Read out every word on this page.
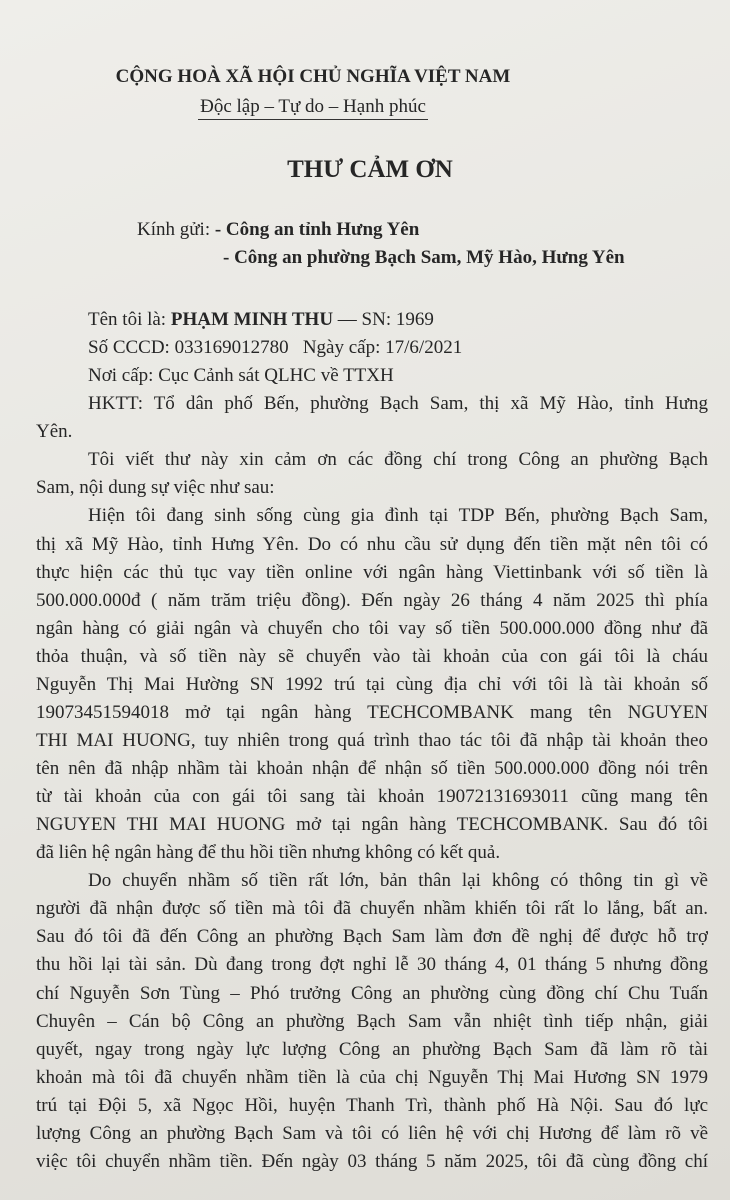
CỘNG HOÀ XÃ HỘI CHỦ NGHĨA VIỆT NAM
Độc lập – Tự do – Hạnh phúc
THƯ CẢM ƠN
Kính gửi: - Công an tỉnh Hưng Yên
- Công an phường Bạch Sam, Mỹ Hào, Hưng Yên
Tên tôi là: PHẠM MINH THU — SN: 1969
Số CCCD: 033169012780   Ngày cấp: 17/6/2021
Nơi cấp: Cục Cảnh sát QLHC về TTXH
HKTT: Tổ dân phố Bến, phường Bạch Sam, thị xã Mỹ Hào, tỉnh Hưng
Yên.
Tôi viết thư này xin cảm ơn các đồng chí trong Công an phường Bạch
Sam, nội dung sự việc như sau:
Hiện tôi đang sinh sống cùng gia đình tại TDP Bến, phường Bạch Sam,
thị xã Mỹ Hào, tỉnh Hưng Yên. Do có nhu cầu sử dụng đến tiền mặt nên tôi có
thực hiện các thủ tục vay tiền online với ngân hàng Viettinbank với số tiền là
500.000.000đ ( năm trăm triệu đồng). Đến ngày 26 tháng 4 năm 2025 thì phía
ngân hàng có giải ngân và chuyển cho tôi vay số tiền 500.000.000 đồng như đã
thỏa thuận, và số tiền này sẽ chuyển vào tài khoản của con gái tôi là cháu
Nguyễn Thị Mai Hường SN 1992 trú tại cùng địa chỉ với tôi là tài khoản số
19073451594018 mở tại ngân hàng TECHCOMBANK mang tên NGUYEN
THI MAI HUONG, tuy nhiên trong quá trình thao tác tôi đã nhập tài khoản theo
tên nên đã nhập nhầm tài khoản nhận để nhận số tiền 500.000.000 đồng nói trên
từ tài khoản của con gái tôi sang tài khoản 19072131693011 cũng mang tên
NGUYEN THI MAI HUONG mở tại ngân hàng TECHCOMBANK. Sau đó tôi
đã liên hệ ngân hàng để thu hồi tiền nhưng không có kết quả.
Do chuyển nhầm số tiền rất lớn, bản thân lại không có thông tin gì về
người đã nhận được số tiền mà tôi đã chuyển nhầm khiến tôi rất lo lắng, bất an.
Sau đó tôi đã đến Công an phường Bạch Sam làm đơn đề nghị để được hỗ trợ
thu hồi lại tài sản. Dù đang trong đợt nghỉ lễ 30 tháng 4, 01 tháng 5 nhưng đồng
chí Nguyễn Sơn Tùng – Phó trưởng Công an phường cùng đồng chí Chu Tuấn
Chuyên – Cán bộ Công an phường Bạch Sam vẫn nhiệt tình tiếp nhận, giải
quyết, ngay trong ngày lực lượng Công an phường Bạch Sam đã làm rõ tài
khoản mà tôi đã chuyển nhầm tiền là của chị Nguyễn Thị Mai Hương SN 1979
trú tại Đội 5, xã Ngọc Hồi, huyện Thanh Trì, thành phố Hà Nội. Sau đó lực
lượng Công an phường Bạch Sam và tôi có liên hệ với chị Hương để làm rõ về
việc tôi chuyển nhầm tiền. Đến ngày 03 tháng 5 năm 2025, tôi đã cùng đồng chí
